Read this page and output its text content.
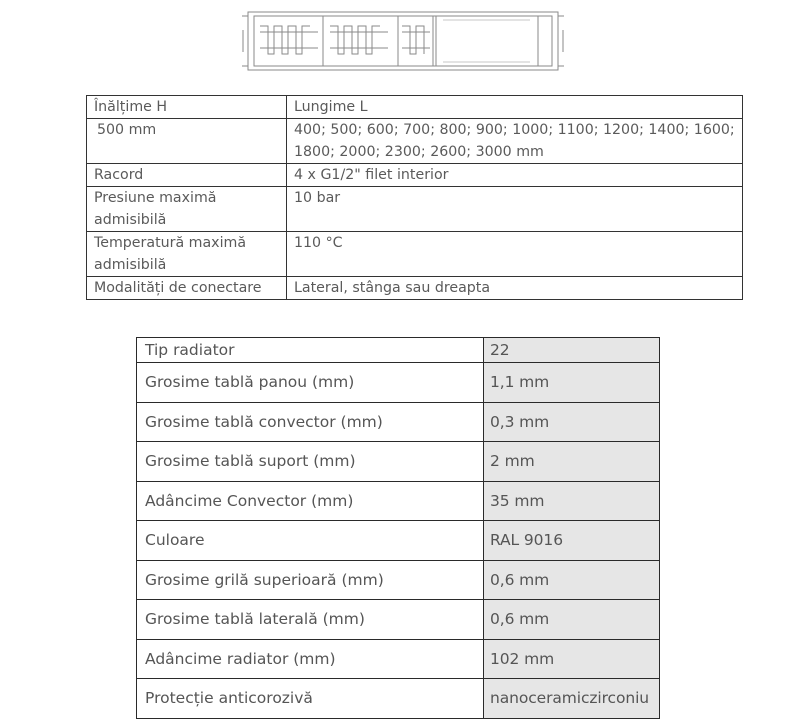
Înălțime H	Lungime L
500 mm	400; 500; 600; 700; 800; 900; 1000; 1100; 1200; 1400; 1600; 1800; 2000; 2300; 2600; 3000 mm
Racord	4 x G1/2" filet interior
Presiune maximă admisibilă	10 bar
Temperatură maximă admisibilă	110 °C
Modalități de conectare	Lateral, stânga sau dreapta
Tip radiator	22
Grosime tablă panou (mm)	1,1 mm
Grosime tablă convector (mm)	0,3 mm
Grosime tablă suport (mm)	2 mm
Adâncime Convector (mm)	35 mm
Culoare	RAL 9016
Grosime grilă superioară (mm)	0,6 mm
Grosime tablă laterală (mm)	0,6 mm
Adâncime radiator (mm)	102 mm
Protecție anticorozivă	nanoceramiczirconiu
